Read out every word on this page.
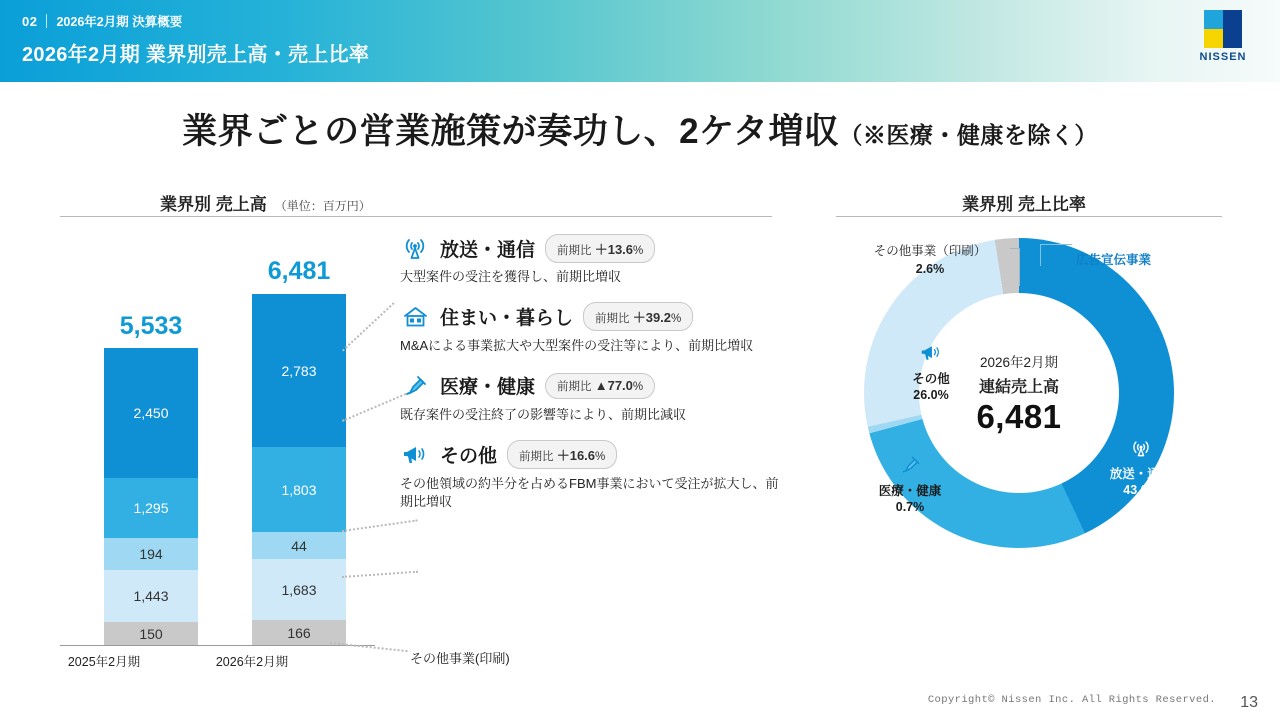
02 2026年2月期 決算概要
2026年2月期 業界別売上高・売上比率	NISSEN
業界ごとの営業施策が奏功し、2ケタ増収（※医療・健康を除く）
業界別 売上高 （単位：百万円）	業界別 売上比率
5,533
150
1,443
194
1,295
2,450
6,481
166
1,683
44
1,803
2,783
2025年2月期	2026年2月期	その他事業(印刷)
放送・通信	前期比 ＋13.6%
大型案件の受注を獲得し、前期比増収
住まい・暮らし	前期比 ＋39.2%
M&Aによる事業拡大や大型案件の受注等により、前期比増収
医療・健康	前期比 ▲77.0%
既存案件の受注終了の影響等により、前期比減収
その他	前期比 ＋16.6%
その他領域の約半分を占めるFBM事業において受注が拡大し、前期比増収
2026年2月期
連結売上高
6,481
放送・通信
43.0%
住まい・暮らし
27.8%
医療・健康
0.7%
その他
26.0%
その他事業（印刷）
2.6%
広告宣伝事業
Copyright© Nissen Inc. All Rights Reserved. 13
